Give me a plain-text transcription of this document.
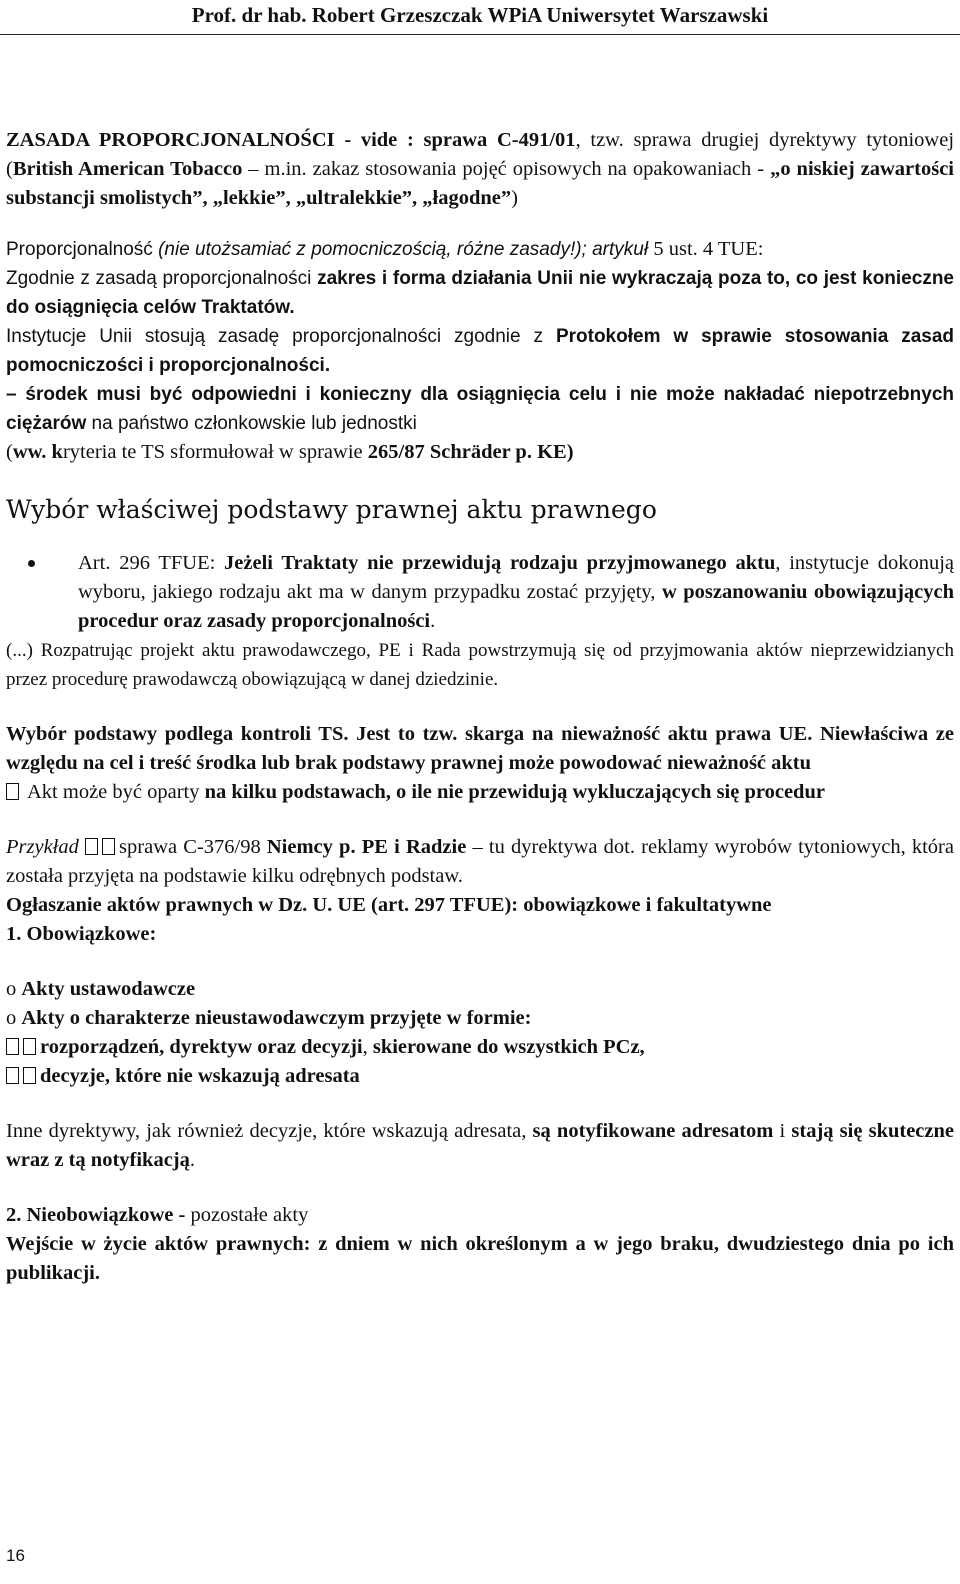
Prof. dr hab. Robert Grzeszczak WPiA Uniwersytet Warszawski

ZASADA PROPORCJONALNOŚCI - vide : sprawa C-491/01, tzw. sprawa drugiej dyrektywy tytoniowej (British American Tobacco – m.in. zakaz stosowania pojęć opisowych na opakowaniach - „o niskiej zawartości substancji smolistych”, „lekkie”, „ultralekkie”, „łagodne”)

Proporcjonalność (nie utożsamiać z pomocniczością, różne zasady!); artykuł 5 ust. 4 TUE:

Zgodnie z zasadą proporcjonalności zakres i forma działania Unii nie wykraczają poza to, co jest konieczne do osiągnięcia celów Traktatów.

Instytucje Unii stosują zasadę proporcjonalności zgodnie z Protokołem w sprawie stosowania zasad pomocniczości i proporcjonalności.

– środek musi być odpowiedni i konieczny dla osiągnięcia celu i nie może nakładać niepotrzebnych ciężarów na państwo członkowskie lub jednostki

(ww. kryteria te TS sformułował w sprawie 265/87 Schräder p. KE)

Wybór właściwej podstawy prawnej aktu prawnego
Art. 296 TFUE: Jeżeli Traktaty nie przewidują rodzaju przyjmowanego aktu, instytucje dokonują wyboru, jakiego rodzaju akt ma w danym przypadku zostać przyjęty, w poszanowaniu obowiązujących procedur oraz zasady proporcjonalności.

(...) Rozpatrując projekt aktu prawodawczego, PE i Rada powstrzymują się od przyjmowania aktów nieprzewidzianych przez procedurę prawodawczą obowiązującą w danej dziedzinie.

Wybór podstawy podlega kontroli TS. Jest to tzw. skarga na nieważność aktu prawa UE. Niewłaściwa ze względu na cel i treść środka lub brak podstawy prawnej może powodować nieważność aktu

Akt może być oparty na kilku podstawach, o ile nie przewidują wykluczających się procedur

Przykład sprawa C-376/98 Niemcy p. PE i Radzie – tu dyrektywa dot. reklamy wyrobów tytoniowych, która została przyjęta na podstawie kilku odrębnych podstaw.

Ogłaszanie aktów prawnych w Dz. U. UE (art. 297 TFUE): obowiązkowe i fakultatywne

1. Obowiązkowe:

o Akty ustawodawcze

o Akty o charakterze nieustawodawczym przyjęte w formie:

rozporządzeń, dyrektyw oraz decyzji, skierowane do wszystkich PCz,

decyzje, które nie wskazują adresata

Inne dyrektywy, jak również decyzje, które wskazują adresata, są notyfikowane adresatom i stają się skuteczne wraz z tą notyfikacją.

2. Nieobowiązkowe - pozostałe akty

Wejście w życie aktów prawnych: z dniem w nich określonym a w jego braku, dwudziestego dnia po ich publikacji.

16
